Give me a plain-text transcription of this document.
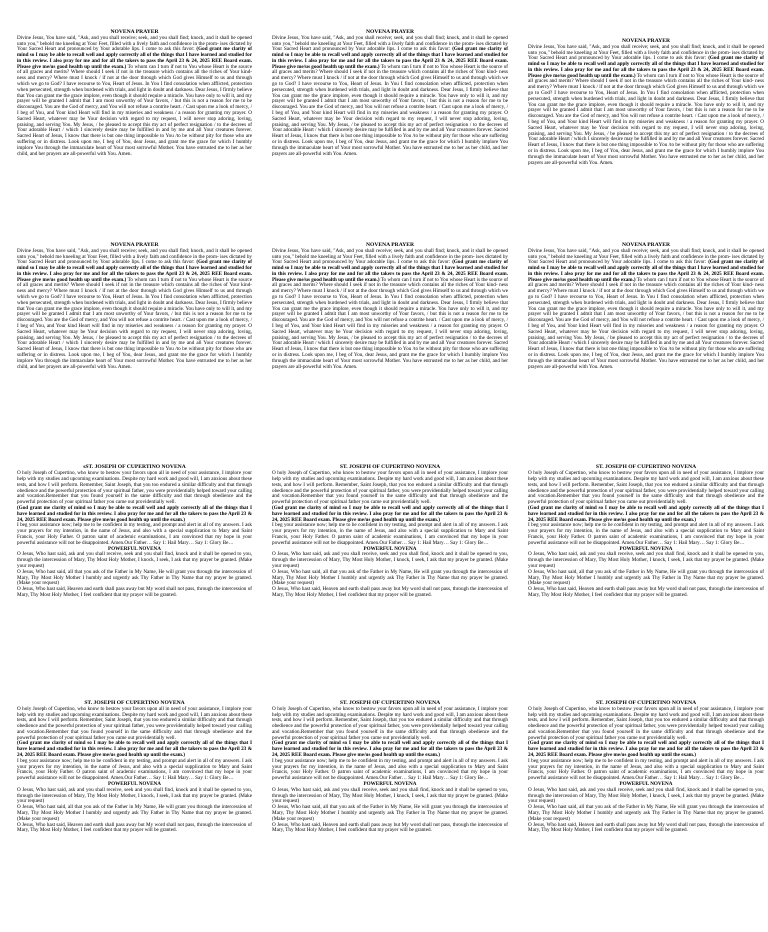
NOVENA PRAYER

Divine Jesus, You have said, "Ask, and you shall receive; seek, and you shall find; knock, and it shall be opened unto you," behold me kneeling at Your Feet, filled with a lively faith and confidence in the prom- ises dictated by Your Sacred Heart and pronounced by Your adorable lips. I come to ask this favor: (God grant me clarity of mind so I may be able to recall well and apply correctly all of the things that I have learned and studied for in this review. I also pray for me and for all the takers to pass the April 23 & 24, 2025 REE Board exam. Please give me/us good health up until the exam.) To whom can I turn if not to You whose Heart is the source of all graces and merits? Where should I seek if not in the treasure which contains all the riches of Your kind- ness and mercy? Where must I knock / if not at the door through which God gives Himself to us and through which we go to God? I have recourse to You, Heart of Jesus. In You I find consolation when afflicted, protection when persecuted, strength when burdened with trials, and light in doubt and darkness. Dear Jesus, I firmly believe that You can grant me the grace implore, even though it should require a miracle. You have only to will it, and my prayer will be granted I admit that I am most unworthy of Your favors, / but this is not a reason for me to be discouraged. You are the God of mercy, and You will not refuse a contrite heart. / Cast upon me a look of mercy, / I beg of You, and Your kind Heart will find in my miseries and weakness / a reason for granting my prayer. O Sacred Heart, whatever may be Your decision with regard to my request, I will never stop adoring, loving, praising, and serving You. My Jesus, / be pleased to accept this my act of perfect resignation / to the decrees of Your adorable Heart / which I sincerely desire may be fulfilled in and by me and all Your creatures forever. Sacred Heart of Jesus, I know that there is but one thing impossible to You /to be without pity for those who are suffering or in distress. Look upon me, I beg of You, dear Jesus, and grant me the grace for which I humbly implore You through the immaculate heart of Your most sorrowful Mother. You have entrusted me to her as her child, and her prayers are all-powerful with You. Amen.

NOVENA PRAYER

Divine Jesus, You have said, "Ask, and you shall receive; seek, and you shall find; knock, and it shall be opened unto you," behold me kneeling at Your Feet, filled with a lively faith and confidence in the prom- ises dictated by Your Sacred Heart and pronounced by Your adorable lips. I come to ask this favor: (God grant me clarity of mind so I may be able to recall well and apply correctly all of the things that I have learned and studied for in this review. I also pray for me and for all the takers to pass the April 23 & 24, 2025 REE Board exam. Please give me/us good health up until the exam.) To whom can I turn if not to You whose Heart is the source of all graces and merits? Where should I seek if not in the treasure which contains all the riches of Your kind- ness and mercy? Where must I knock / if not at the door through which God gives Himself to us and through which we go to God? I have recourse to You, Heart of Jesus. In You I find consolation when afflicted, protection when persecuted, strength when burdened with trials, and light in doubt and darkness. Dear Jesus, I firmly believe that You can grant me the grace implore, even though it should require a miracle. You have only to will it, and my prayer will be granted I admit that I am most unworthy of Your favors, / but this is not a reason for me to be discouraged. You are the God of mercy, and You will not refuse a contrite heart. / Cast upon me a look of mercy, / I beg of You, and Your kind Heart will find in my miseries and weakness / a reason for granting my prayer. O Sacred Heart, whatever may be Your decision with regard to my request, I will never stop adoring, loving, praising, and serving You. My Jesus, / be pleased to accept this my act of perfect resignation / to the decrees of Your adorable Heart / which I sincerely desire may be fulfilled in and by me and all Your creatures forever. Sacred Heart of Jesus, I know that there is but one thing impossible to You /to be without pity for those who are suffering or in distress. Look upon me, I beg of You, dear Jesus, and grant me the grace for which I humbly implore You through the immaculate heart of Your most sorrowful Mother. You have entrusted me to her as her child, and her prayers are all-powerful with You. Amen.

NOVENA PRAYER

Divine Jesus, You have said, "Ask, and you shall receive; seek, and you shall find; knock, and it shall be opened unto you," behold me kneeling at Your Feet, filled with a lively faith and confidence in the prom- ises dictated by Your Sacred Heart and pronounced by Your adorable lips. I come to ask this favor: (God grant me clarity of mind so I may be able to recall well and apply correctly all of the things that I have learned and studied for in this review. I also pray for me and for all the takers to pass the April 23 & 24, 2025 REE Board exam. Please give me/us good health up until the exam.) To whom can I turn if not to You whose Heart is the source of all graces and merits? Where should I seek if not in the treasure which contains all the riches of Your kind- ness and mercy? Where must I knock / if not at the door through which God gives Himself to us and through which we go to God? I have recourse to You, Heart of Jesus. In You I find consolation when afflicted, protection when persecuted, strength when burdened with trials, and light in doubt and darkness. Dear Jesus, I firmly believe that You can grant me the grace implore, even though it should require a miracle. You have only to will it, and my prayer will be granted I admit that I am most unworthy of Your favors, / but this is not a reason for me to be discouraged. You are the God of mercy, and You will not refuse a contrite heart. / Cast upon me a look of mercy, / I beg of You, and Your kind Heart will find in my miseries and weakness / a reason for granting my prayer. O Sacred Heart, whatever may be Your decision with regard to my request, I will never stop adoring, loving, praising, and serving You. My Jesus, / be pleased to accept this my act of perfect resignation / to the decrees of Your adorable Heart / which I sincerely desire may be fulfilled in and by me and all Your creatures forever. Sacred Heart of Jesus, I know that there is but one thing impossible to You /to be without pity for those who are suffering or in distress. Look upon me, I beg of You, dear Jesus, and grant me the grace for which I humbly implore You through the immaculate heart of Your most sorrowful Mother. You have entrusted me to her as her child, and her prayers are all-powerful with You. Amen.

NOVENA PRAYER

Divine Jesus, You have said, "Ask, and you shall receive; seek, and you shall find; knock, and it shall be opened unto you," behold me kneeling at Your Feet, filled with a lively faith and confidence in the prom- ises dictated by Your Sacred Heart and pronounced by Your adorable lips. I come to ask this favor: (God grant me clarity of mind so I may be able to recall well and apply correctly all of the things that I have learned and studied for in this review. I also pray for me and for all the takers to pass the April 23 & 24, 2025 REE Board exam. Please give me/us good health up until the exam.) To whom can I turn if not to You whose Heart is the source of all graces and merits? Where should I seek if not in the treasure which contains all the riches of Your kind- ness and mercy? Where must I knock / if not at the door through which God gives Himself to us and through which we go to God? I have recourse to You, Heart of Jesus. In You I find consolation when afflicted, protection when persecuted, strength when burdened with trials, and light in doubt and darkness. Dear Jesus, I firmly believe that You can grant me the grace implore, even though it should require a miracle. You have only to will it, and my prayer will be granted I admit that I am most unworthy of Your favors, / but this is not a reason for me to be discouraged. You are the God of mercy, and You will not refuse a contrite heart. / Cast upon me a look of mercy, / I beg of You, and Your kind Heart will find in my miseries and weakness / a reason for granting my prayer. O Sacred Heart, whatever may be Your decision with regard to my request, I will never stop adoring, loving, praising, and serving You. My Jesus, / be pleased to accept this my act of perfect resignation / to the decrees of Your adorable Heart / which I sincerely desire may be fulfilled in and by me and all Your creatures forever. Sacred Heart of Jesus, I know that there is but one thing impossible to You /to be without pity for those who are suffering or in distress. Look upon me, I beg of You, dear Jesus, and grant me the grace for which I humbly implore You through the immaculate heart of Your most sorrowful Mother. You have entrusted me to her as her child, and her prayers are all-powerful with You. Amen.

NOVENA PRAYER

Divine Jesus, You have said, "Ask, and you shall receive; seek, and you shall find; knock, and it shall be opened unto you," behold me kneeling at Your Feet, filled with a lively faith and confidence in the prom- ises dictated by Your Sacred Heart and pronounced by Your adorable lips. I come to ask this favor: (God grant me clarity of mind so I may be able to recall well and apply correctly all of the things that I have learned and studied for in this review. I also pray for me and for all the takers to pass the April 23 & 24, 2025 REE Board exam. Please give me/us good health up until the exam.) To whom can I turn if not to You whose Heart is the source of all graces and merits? Where should I seek if not in the treasure which contains all the riches of Your kind- ness and mercy? Where must I knock / if not at the door through which God gives Himself to us and through which we go to God? I have recourse to You, Heart of Jesus. In You I find consolation when afflicted, protection when persecuted, strength when burdened with trials, and light in doubt and darkness. Dear Jesus, I firmly believe that You can grant me the grace implore, even though it should require a miracle. You have only to will it, and my prayer will be granted I admit that I am most unworthy of Your favors, / but this is not a reason for me to be discouraged. You are the God of mercy, and You will not refuse a contrite heart. / Cast upon me a look of mercy, / I beg of You, and Your kind Heart will find in my miseries and weakness / a reason for granting my prayer. O Sacred Heart, whatever may be Your decision with regard to my request, I will never stop adoring, loving, praising, and serving You. My Jesus, / be pleased to accept this my act of perfect resignation / to the decrees of Your adorable Heart / which I sincerely desire may be fulfilled in and by me and all Your creatures forever. Sacred Heart of Jesus, I know that there is but one thing impossible to You /to be without pity for those who are suffering or in distress. Look upon me, I beg of You, dear Jesus, and grant me the grace for which I humbly implore You through the immaculate heart of Your most sorrowful Mother. You have entrusted me to her as her child, and her prayers are all-powerful with You. Amen.

NOVENA PRAYER

Divine Jesus, You have said, "Ask, and you shall receive; seek, and you shall find; knock, and it shall be opened unto you," behold me kneeling at Your Feet, filled with a lively faith and confidence in the prom- ises dictated by Your Sacred Heart and pronounced by Your adorable lips. I come to ask this favor: (God grant me clarity of mind so I may be able to recall well and apply correctly all of the things that I have learned and studied for in this review. I also pray for me and for all the takers to pass the April 23 & 24, 2025 REE Board exam. Please give me/us good health up until the exam.) To whom can I turn if not to You whose Heart is the source of all graces and merits? Where should I seek if not in the treasure which contains all the riches of Your kind- ness and mercy? Where must I knock / if not at the door through which God gives Himself to us and through which we go to God? I have recourse to You, Heart of Jesus. In You I find consolation when afflicted, protection when persecuted, strength when burdened with trials, and light in doubt and darkness. Dear Jesus, I firmly believe that You can grant me the grace implore, even though it should require a miracle. You have only to will it, and my prayer will be granted I admit that I am most unworthy of Your favors, / but this is not a reason for me to be discouraged. You are the God of mercy, and You will not refuse a contrite heart. / Cast upon me a look of mercy, / I beg of You, and Your kind Heart will find in my miseries and weakness / a reason for granting my prayer. O Sacred Heart, whatever may be Your decision with regard to my request, I will never stop adoring, loving, praising, and serving You. My Jesus, / be pleased to accept this my act of perfect resignation / to the decrees of Your adorable Heart / which I sincerely desire may be fulfilled in and by me and all Your creatures forever. Sacred Heart of Jesus, I know that there is but one thing impossible to You /to be without pity for those who are suffering or in distress. Look upon me, I beg of You, dear Jesus, and grant me the grace for which I humbly implore You through the immaculate heart of Your most sorrowful Mother. You have entrusted me to her as her child, and her prayers are all-powerful with You. Amen.

sST. JOSEPH OF CUPERTINO NOVENA

O holy Joseph of Cupertino, who know to bestow your favors upon all in need of your assistance, I implore your help with my studies and upcoming examinations. Despite my hard work and good will, I am anxious about these tests, and how I will perform. Remember, Saint Joseph, that you too endured a similar difficulty and that through obedience and the powerful protection of your spiritual father, you were providentially helped toward your calling and vocation.Remember that you found yourself in the same difficulty and that through obedience and the powerful protection of your spiritual father you came out providentially well.

(God grant me clarity of mind so I may be able to recall well and apply correctly all of the things that I have learned and studied for in this review. I also pray for me and for all the takers to pass the April 23 & 24, 2025 REE Board exam. Please give me/us good health up until the exam.)

I beg your assistance now; help me to be confident in my testing, and prompt and alert in all of my answers. I ask your prayers for my intention, in the name of Jesus, and also with a special supplication to Mary and Saint Francis, your Holy Father. O patron saint of academic examinations, I am convinced that my hope in your powerful assistance will not be disappointed. Amen.Our Father… Say 1: Hail Mary… Say 1: Glory Be…

POWERFUL NOVENA

O Jesus, Who hast said, ask and you shall receive, seek and you shall find, knock and it shall be opened to you, through the intercession of Mary, Thy Most Holy Mother, I knock, I seek, I ask that my prayer be granted. (Make your request)

O Jesus, Who hast said, all that you ask of the Father in My Name, He will grant you through the intercession of Mary, Thy Most Holy Mother I humbly and urgently ask Thy Father in Thy Name that my prayer be granted.(Make your request)

O Jesus, Who hast said, Heaven and earth shall pass away but My word shall not pass, through the intercession of Mary, Thy Most Holy Mother, I feel confident that my prayer will be granted.

ST. JOSEPH OF CUPERTINO NOVENA

O holy Joseph of Cupertino, who know to bestow your favors upon all in need of your assistance, I implore your help with my studies and upcoming examinations. Despite my hard work and good will, I am anxious about these tests, and how I will perform. Remember, Saint Joseph, that you too endured a similar difficulty and that through obedience and the powerful protection of your spiritual father, you were providentially helped toward your calling and vocation.Remember that you found yourself in the same difficulty and that through obedience and the powerful protection of your spiritual father you came out providentially well.

(God grant me clarity of mind so I may be able to recall well and apply correctly all of the things that I have learned and studied for in this review. I also pray for me and for all the takers to pass the April 23 & 24, 2025 REE Board exam. Please give me/us good health up until the exam.)

I beg your assistance now; help me to be confident in my testing, and prompt and alert in all of my answers. I ask your prayers for my intention, in the name of Jesus, and also with a special supplication to Mary and Saint Francis, your Holy Father. O patron saint of academic examinations, I am convinced that my hope in your powerful assistance will not be disappointed. Amen.Our Father… Say 1: Hail Mary… Say 1: Glory Be…

POWERFUL NOVENA

O Jesus, Who hast said, ask and you shall receive, seek and you shall find, knock and it shall be opened to you, through the intercession of Mary, Thy Most Holy Mother, I knock, I seek, I ask that my prayer be granted. (Make your request)

O Jesus, Who hast said, all that you ask of the Father in My Name, He will grant you through the intercession of Mary, Thy Most Holy Mother I humbly and urgently ask Thy Father in Thy Name that my prayer be granted.(Make your request)

O Jesus, Who hast said, Heaven and earth shall pass away but My word shall not pass, through the intercession of Mary, Thy Most Holy Mother, I feel confident that my prayer will be granted.

ST. JOSEPH OF CUPERTINO NOVENA

O holy Joseph of Cupertino, who know to bestow your favors upon all in need of your assistance, I implore your help with my studies and upcoming examinations. Despite my hard work and good will, I am anxious about these tests, and how I will perform. Remember, Saint Joseph, that you too endured a similar difficulty and that through obedience and the powerful protection of your spiritual father, you were providentially helped toward your calling and vocation.Remember that you found yourself in the same difficulty and that through obedience and the powerful protection of your spiritual father you came out providentially well.

(God grant me clarity of mind so I may be able to recall well and apply correctly all of the things that I have learned and studied for in this review. I also pray for me and for all the takers to pass the April 23 & 24, 2025 REE Board exam. Please give me/us good health up until the exam.)

I beg your assistance now; help me to be confident in my testing, and prompt and alert in all of my answers. I ask your prayers for my intention, in the name of Jesus, and also with a special supplication to Mary and Saint Francis, your Holy Father. O patron saint of academic examinations, I am convinced that my hope in your powerful assistance will not be disappointed. Amen.Our Father… Say 1: Hail Mary… Say 1: Glory Be…

POWERFUL NOVENA

O Jesus, Who hast said, ask and you shall receive, seek and you shall find, knock and it shall be opened to you, through the intercession of Mary, Thy Most Holy Mother, I knock, I seek, I ask that my prayer be granted. (Make your request)

O Jesus, Who hast said, all that you ask of the Father in My Name, He will grant you through the intercession of Mary, Thy Most Holy Mother I humbly and urgently ask Thy Father in Thy Name that my prayer be granted.(Make your request)

O Jesus, Who hast said, Heaven and earth shall pass away but My word shall not pass, through the intercession of Mary, Thy Most Holy Mother, I feel confident that my prayer will be granted.

ST. JOSEPH OF CUPERTINO NOVENA

O holy Joseph of Cupertino, who know to bestow your favors upon all in need of your assistance, I implore your help with my studies and upcoming examinations. Despite my hard work and good will, I am anxious about these tests, and how I will perform. Remember, Saint Joseph, that you too endured a similar difficulty and that through obedience and the powerful protection of your spiritual father, you were providentially helped toward your calling and vocation.Remember that you found yourself in the same difficulty and that through obedience and the powerful protection of your spiritual father you came out providentially well.

(God grant me clarity of mind so I may be able to recall well and apply correctly all of the things that I have learned and studied for in this review. I also pray for me and for all the takers to pass the April 23 & 24, 2025 REE Board exam. Please give me/us good health up until the exam.)

I beg your assistance now; help me to be confident in my testing, and prompt and alert in all of my answers. I ask your prayers for my intention, in the name of Jesus, and also with a special supplication to Mary and Saint Francis, your Holy Father. O patron saint of academic examinations, I am convinced that my hope in your powerful assistance will not be disappointed. Amen.Our Father… Say 1: Hail Mary… Say 1: Glory Be…

POWERFUL NOVENA

O Jesus, Who hast said, ask and you shall receive, seek and you shall find, knock and it shall be opened to you, through the intercession of Mary, Thy Most Holy Mother, I knock, I seek, I ask that my prayer be granted. (Make your request)

O Jesus, Who hast said, all that you ask of the Father in My Name, He will grant you through the intercession of Mary, Thy Most Holy Mother I humbly and urgently ask Thy Father in Thy Name that my prayer be granted.(Make your request)

O Jesus, Who hast said, Heaven and earth shall pass away but My word shall not pass, through the intercession of Mary, Thy Most Holy Mother, I feel confident that my prayer will be granted.

ST. JOSEPH OF CUPERTINO NOVENA

O holy Joseph of Cupertino, who know to bestow your favors upon all in need of your assistance, I implore your help with my studies and upcoming examinations. Despite my hard work and good will, I am anxious about these tests, and how I will perform. Remember, Saint Joseph, that you too endured a similar difficulty and that through obedience and the powerful protection of your spiritual father, you were providentially helped toward your calling and vocation.Remember that you found yourself in the same difficulty and that through obedience and the powerful protection of your spiritual father you came out providentially well.

(God grant me clarity of mind so I may be able to recall well and apply correctly all of the things that I have learned and studied for in this review. I also pray for me and for all the takers to pass the April 23 & 24, 2025 REE Board exam. Please give me/us good health up until the exam.)

I beg your assistance now; help me to be confident in my testing, and prompt and alert in all of my answers. I ask your prayers for my intention, in the name of Jesus, and also with a special supplication to Mary and Saint Francis, your Holy Father. O patron saint of academic examinations, I am convinced that my hope in your powerful assistance will not be disappointed. Amen.Our Father… Say 1: Hail Mary… Say 1: Glory Be…

POWERFUL NOVENA

O Jesus, Who hast said, ask and you shall receive, seek and you shall find, knock and it shall be opened to you, through the intercession of Mary, Thy Most Holy Mother, I knock, I seek, I ask that my prayer be granted. (Make your request)

O Jesus, Who hast said, all that you ask of the Father in My Name, He will grant you through the intercession of Mary, Thy Most Holy Mother I humbly and urgently ask Thy Father in Thy Name that my prayer be granted.(Make your request)

O Jesus, Who hast said, Heaven and earth shall pass away but My word shall not pass, through the intercession of Mary, Thy Most Holy Mother, I feel confident that my prayer will be granted.

ST. JOSEPH OF CUPERTINO NOVENA

O holy Joseph of Cupertino, who know to bestow your favors upon all in need of your assistance, I implore your help with my studies and upcoming examinations. Despite my hard work and good will, I am anxious about these tests, and how I will perform. Remember, Saint Joseph, that you too endured a similar difficulty and that through obedience and the powerful protection of your spiritual father, you were providentially helped toward your calling and vocation.Remember that you found yourself in the same difficulty and that through obedience and the powerful protection of your spiritual father you came out providentially well.

(God grant me clarity of mind so I may be able to recall well and apply correctly all of the things that I have learned and studied for in this review. I also pray for me and for all the takers to pass the April 23 & 24, 2025 REE Board exam. Please give me/us good health up until the exam.)

I beg your assistance now; help me to be confident in my testing, and prompt and alert in all of my answers. I ask your prayers for my intention, in the name of Jesus, and also with a special supplication to Mary and Saint Francis, your Holy Father. O patron saint of academic examinations, I am convinced that my hope in your powerful assistance will not be disappointed. Amen.Our Father… Say 1: Hail Mary… Say 1: Glory Be…

POWERFUL NOVENA

O Jesus, Who hast said, ask and you shall receive, seek and you shall find, knock and it shall be opened to you, through the intercession of Mary, Thy Most Holy Mother, I knock, I seek, I ask that my prayer be granted. (Make your request)

O Jesus, Who hast said, all that you ask of the Father in My Name, He will grant you through the intercession of Mary, Thy Most Holy Mother I humbly and urgently ask Thy Father in Thy Name that my prayer be granted.(Make your request)

O Jesus, Who hast said, Heaven and earth shall pass away but My word shall not pass, through the intercession of Mary, Thy Most Holy Mother, I feel confident that my prayer will be granted.
